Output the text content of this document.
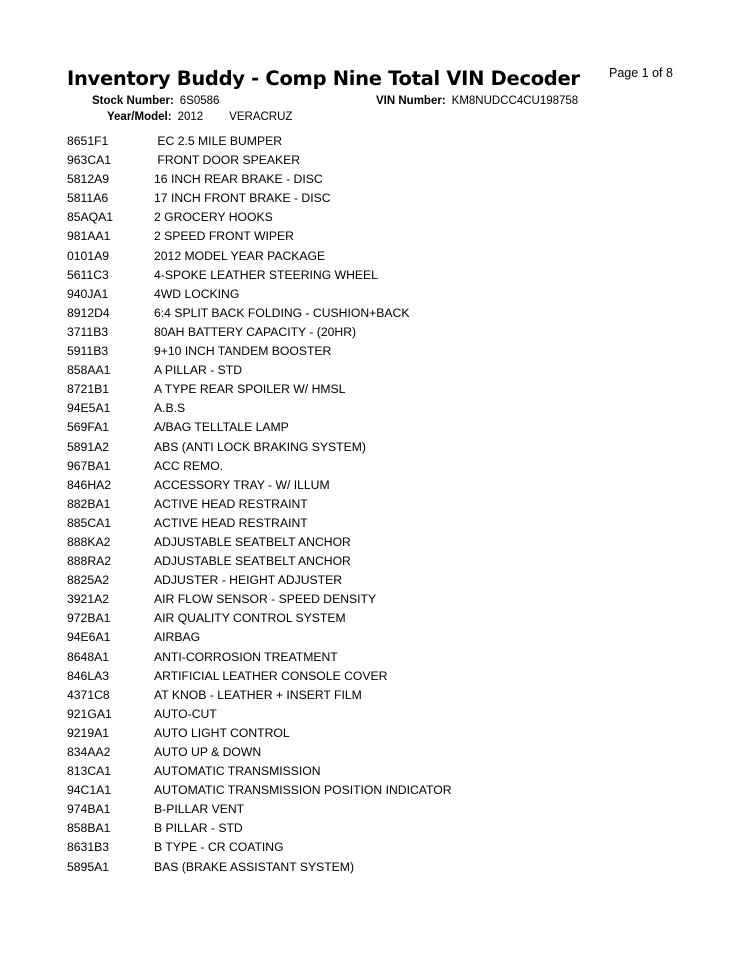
Inventory Buddy - Comp Nine Total VIN Decoder Page 1 of 8
Stock Number: 6S0586	VIN Number: KM8NUDCC4CU198758
Year/Model: 2012 VERACRUZ
8651F1	EC 2.5 MILE BUMPER
963CA1	FRONT DOOR SPEAKER
5812A9	16 INCH REAR BRAKE - DISC
5811A6	17 INCH FRONT BRAKE - DISC
85AQA1	2 GROCERY HOOKS
981AA1	2 SPEED FRONT WIPER
0101A9	2012 MODEL YEAR PACKAGE
5611C3	4-SPOKE LEATHER STEERING WHEEL
940JA1	4WD LOCKING
8912D4	6:4 SPLIT BACK FOLDING - CUSHION+BACK
3711B3	80AH BATTERY CAPACITY - (20HR)
5911B3	9+10 INCH TANDEM BOOSTER
858AA1	A PILLAR - STD
8721B1	A TYPE REAR SPOILER W/ HMSL
94E5A1	A.B.S
569FA1	A/BAG TELLTALE LAMP
5891A2	ABS (ANTI LOCK BRAKING SYSTEM)
967BA1	ACC REMO.
846HA2	ACCESSORY TRAY - W/ ILLUM
882BA1	ACTIVE HEAD RESTRAINT
885CA1	ACTIVE HEAD RESTRAINT
888KA2	ADJUSTABLE SEATBELT ANCHOR
888RA2	ADJUSTABLE SEATBELT ANCHOR
8825A2	ADJUSTER - HEIGHT ADJUSTER
3921A2	AIR FLOW SENSOR - SPEED DENSITY
972BA1	AIR QUALITY CONTROL SYSTEM
94E6A1	AIRBAG
8648A1	ANTI-CORROSION TREATMENT
846LA3	ARTIFICIAL LEATHER CONSOLE COVER
4371C8	AT KNOB - LEATHER + INSERT FILM
921GA1	AUTO-CUT
9219A1	AUTO LIGHT CONTROL
834AA2	AUTO UP & DOWN
813CA1	AUTOMATIC TRANSMISSION
94C1A1	AUTOMATIC TRANSMISSION POSITION INDICATOR
974BA1	B-PILLAR VENT
858BA1	B PILLAR - STD
8631B3	B TYPE - CR COATING
5895A1	BAS (BRAKE ASSISTANT SYSTEM)
